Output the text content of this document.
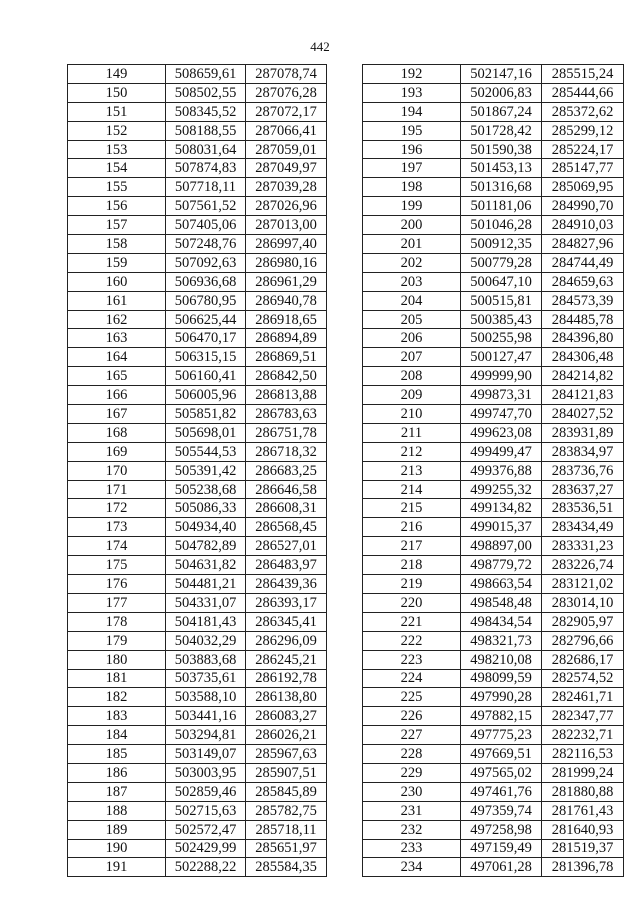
442
149	508659,61	287078,74
150	508502,55	287076,28
151	508345,52	287072,17
152	508188,55	287066,41
153	508031,64	287059,01
154	507874,83	287049,97
155	507718,11	287039,28
156	507561,52	287026,96
157	507405,06	287013,00
158	507248,76	286997,40
159	507092,63	286980,16
160	506936,68	286961,29
161	506780,95	286940,78
162	506625,44	286918,65
163	506470,17	286894,89
164	506315,15	286869,51
165	506160,41	286842,50
166	506005,96	286813,88
167	505851,82	286783,63
168	505698,01	286751,78
169	505544,53	286718,32
170	505391,42	286683,25
171	505238,68	286646,58
172	505086,33	286608,31
173	504934,40	286568,45
174	504782,89	286527,01
175	504631,82	286483,97
176	504481,21	286439,36
177	504331,07	286393,17
178	504181,43	286345,41
179	504032,29	286296,09
180	503883,68	286245,21
181	503735,61	286192,78
182	503588,10	286138,80
183	503441,16	286083,27
184	503294,81	286026,21
185	503149,07	285967,63
186	503003,95	285907,51
187	502859,46	285845,89
188	502715,63	285782,75
189	502572,47	285718,11
190	502429,99	285651,97
191	502288,22	285584,35
192	502147,16	285515,24
193	502006,83	285444,66
194	501867,24	285372,62
195	501728,42	285299,12
196	501590,38	285224,17
197	501453,13	285147,77
198	501316,68	285069,95
199	501181,06	284990,70
200	501046,28	284910,03
201	500912,35	284827,96
202	500779,28	284744,49
203	500647,10	284659,63
204	500515,81	284573,39
205	500385,43	284485,78
206	500255,98	284396,80
207	500127,47	284306,48
208	499999,90	284214,82
209	499873,31	284121,83
210	499747,70	284027,52
211	499623,08	283931,89
212	499499,47	283834,97
213	499376,88	283736,76
214	499255,32	283637,27
215	499134,82	283536,51
216	499015,37	283434,49
217	498897,00	283331,23
218	498779,72	283226,74
219	498663,54	283121,02
220	498548,48	283014,10
221	498434,54	282905,97
222	498321,73	282796,66
223	498210,08	282686,17
224	498099,59	282574,52
225	497990,28	282461,71
226	497882,15	282347,77
227	497775,23	282232,71
228	497669,51	282116,53
229	497565,02	281999,24
230	497461,76	281880,88
231	497359,74	281761,43
232	497258,98	281640,93
233	497159,49	281519,37
234	497061,28	281396,78
